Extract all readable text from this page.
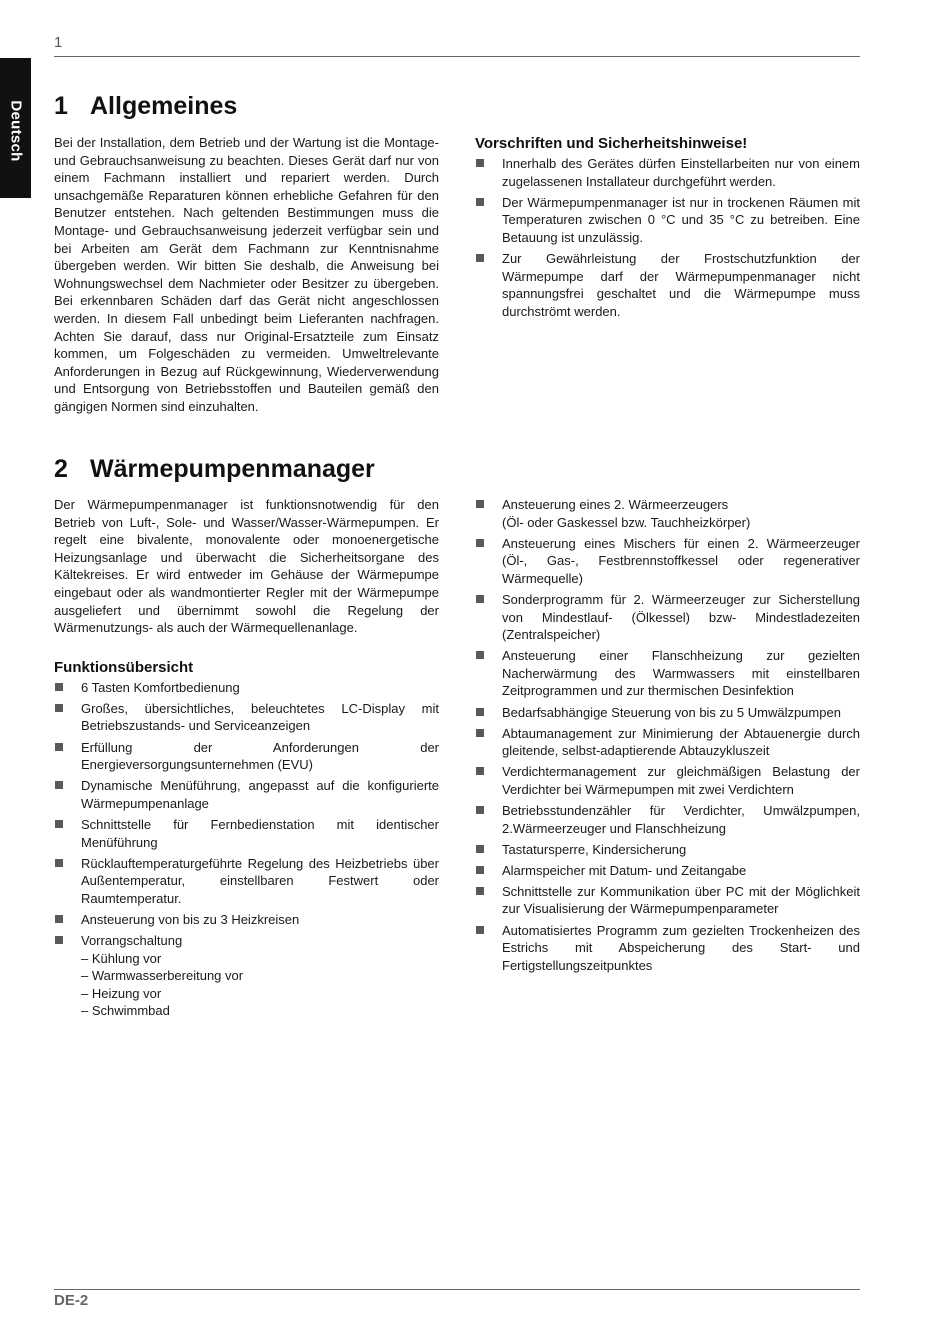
1
Deutsch 1 Allgemeines

Bei der Installation, dem Betrieb und der Wartung ist die Montage- und Gebrauchsanweisung zu beachten. Dieses Gerät darf nur von einem Fachmann installiert und repariert werden. Durch unsachgemäße Reparaturen können erhebliche Gefahren für den Benutzer entstehen. Nach geltenden Bestimmungen muss die Montage- und Gebrauchsanweisung jederzeit verfügbar sein und bei Arbeiten am Gerät dem Fachmann zur Kenntnisnahme übergeben werden. Wir bitten Sie deshalb, die Anweisung bei Wohnungswechsel dem Nachmieter oder Besitzer zu übergeben. Bei erkennbaren Schäden darf das Gerät nicht angeschlossen werden. In diesem Fall unbedingt beim Lieferanten nachfragen. Achten Sie darauf, dass nur Original-Ersatzteile zum Einsatz kommen, um Folgeschäden zu vermeiden. Umweltrelevante Anforderungen in Bezug auf Rückgewinnung, Wiederverwendung und Entsorgung von Betriebsstoffen und Bauteilen gemäß den gängigen Normen sind einzuhalten.

Vorschriften und Sicherheitshinweise!
Innerhalb des Gerätes dürfen Einstellarbeiten nur von einem zugelassenen Installateur durchgeführt werden.
Der Wärmepumpenmanager ist nur in trockenen Räumen mit Temperaturen zwischen 0 °C und 35 °C zu betreiben. Eine Betauung ist unzulässig.
Zur Gewährleistung der Frostschutzfunktion der Wärmepumpe darf der Wärmepumpenmanager nicht spannungsfrei geschaltet und die Wärmepumpe muss durchströmt werden.
2 Wärmepumpenmanager

Der Wärmepumpenmanager ist funktionsnotwendig für den Betrieb von Luft-, Sole- und Wasser/Wasser-Wärmepumpen. Er regelt eine bivalente, monovalente oder monoenergetische Heizungsanlage und überwacht die Sicherheitsorgane des Kältekreises. Er wird entweder im Gehäuse der Wärmepumpe eingebaut oder als wandmontierter Regler mit der Wärmepumpe ausgeliefert und übernimmt sowohl die Regelung der Wärmenutzungs- als auch der Wärmequellenanlage.

Funktionsübersicht
6 Tasten Komfortbedienung
Großes, übersichtliches, beleuchtetes LC-Display mit Betriebszustands- und Serviceanzeigen
Erfüllung der Anforderungen der Energieversorgungsunternehmen (EVU)
Dynamische Menüführung, angepasst auf die konfigurierte Wärmepumpenanlage
Schnittstelle für Fernbedienstation mit identischer Menüführung
Rücklauftemperaturgeführte Regelung des Heizbetriebs über Außentemperatur, einstellbaren Festwert oder Raumtemperatur.
Ansteuerung von bis zu 3 Heizkreisen
Vorrangschaltung
– Kühlung vor
– Warmwasserbereitung vor
– Heizung vor
– Schwimmbad
Ansteuerung eines 2. Wärmeerzeugers
(Öl- oder Gaskessel bzw. Tauchheizkörper)
Ansteuerung eines Mischers für einen 2. Wärmeerzeuger (Öl-, Gas-, Festbrennstoffkessel oder regenerativer Wärmequelle)
Sonderprogramm für 2. Wärmeerzeuger zur Sicherstellung von Mindestlauf- (Ölkessel) bzw- Mindestladezeiten (Zentralspeicher)
Ansteuerung einer Flanschheizung zur gezielten Nacherwärmung des Warmwassers mit einstellbaren Zeitprogrammen und zur thermischen Desinfektion
Bedarfsabhängige Steuerung von bis zu 5 Umwälzpumpen
Abtaumanagement zur Minimierung der Abtauenergie durch gleitende, selbst-adaptierende Abtauzykluszeit
Verdichtermanagement zur gleichmäßigen Belastung der Verdichter bei Wärmepumpen mit zwei Verdichtern
Betriebsstundenzähler für Verdichter, Umwälzpumpen, 2.Wärmeerzeuger und Flanschheizung
Tastatursperre, Kindersicherung
Alarmspeicher mit Datum- und Zeitangabe
Schnittstelle zur Kommunikation über PC mit der Möglichkeit zur Visualisierung der Wärmepumpenparameter
Automatisiertes Programm zum gezielten Trockenheizen des Estrichs mit Abspeicherung des Start- und Fertigstellungszeitpunktes
DE-2
